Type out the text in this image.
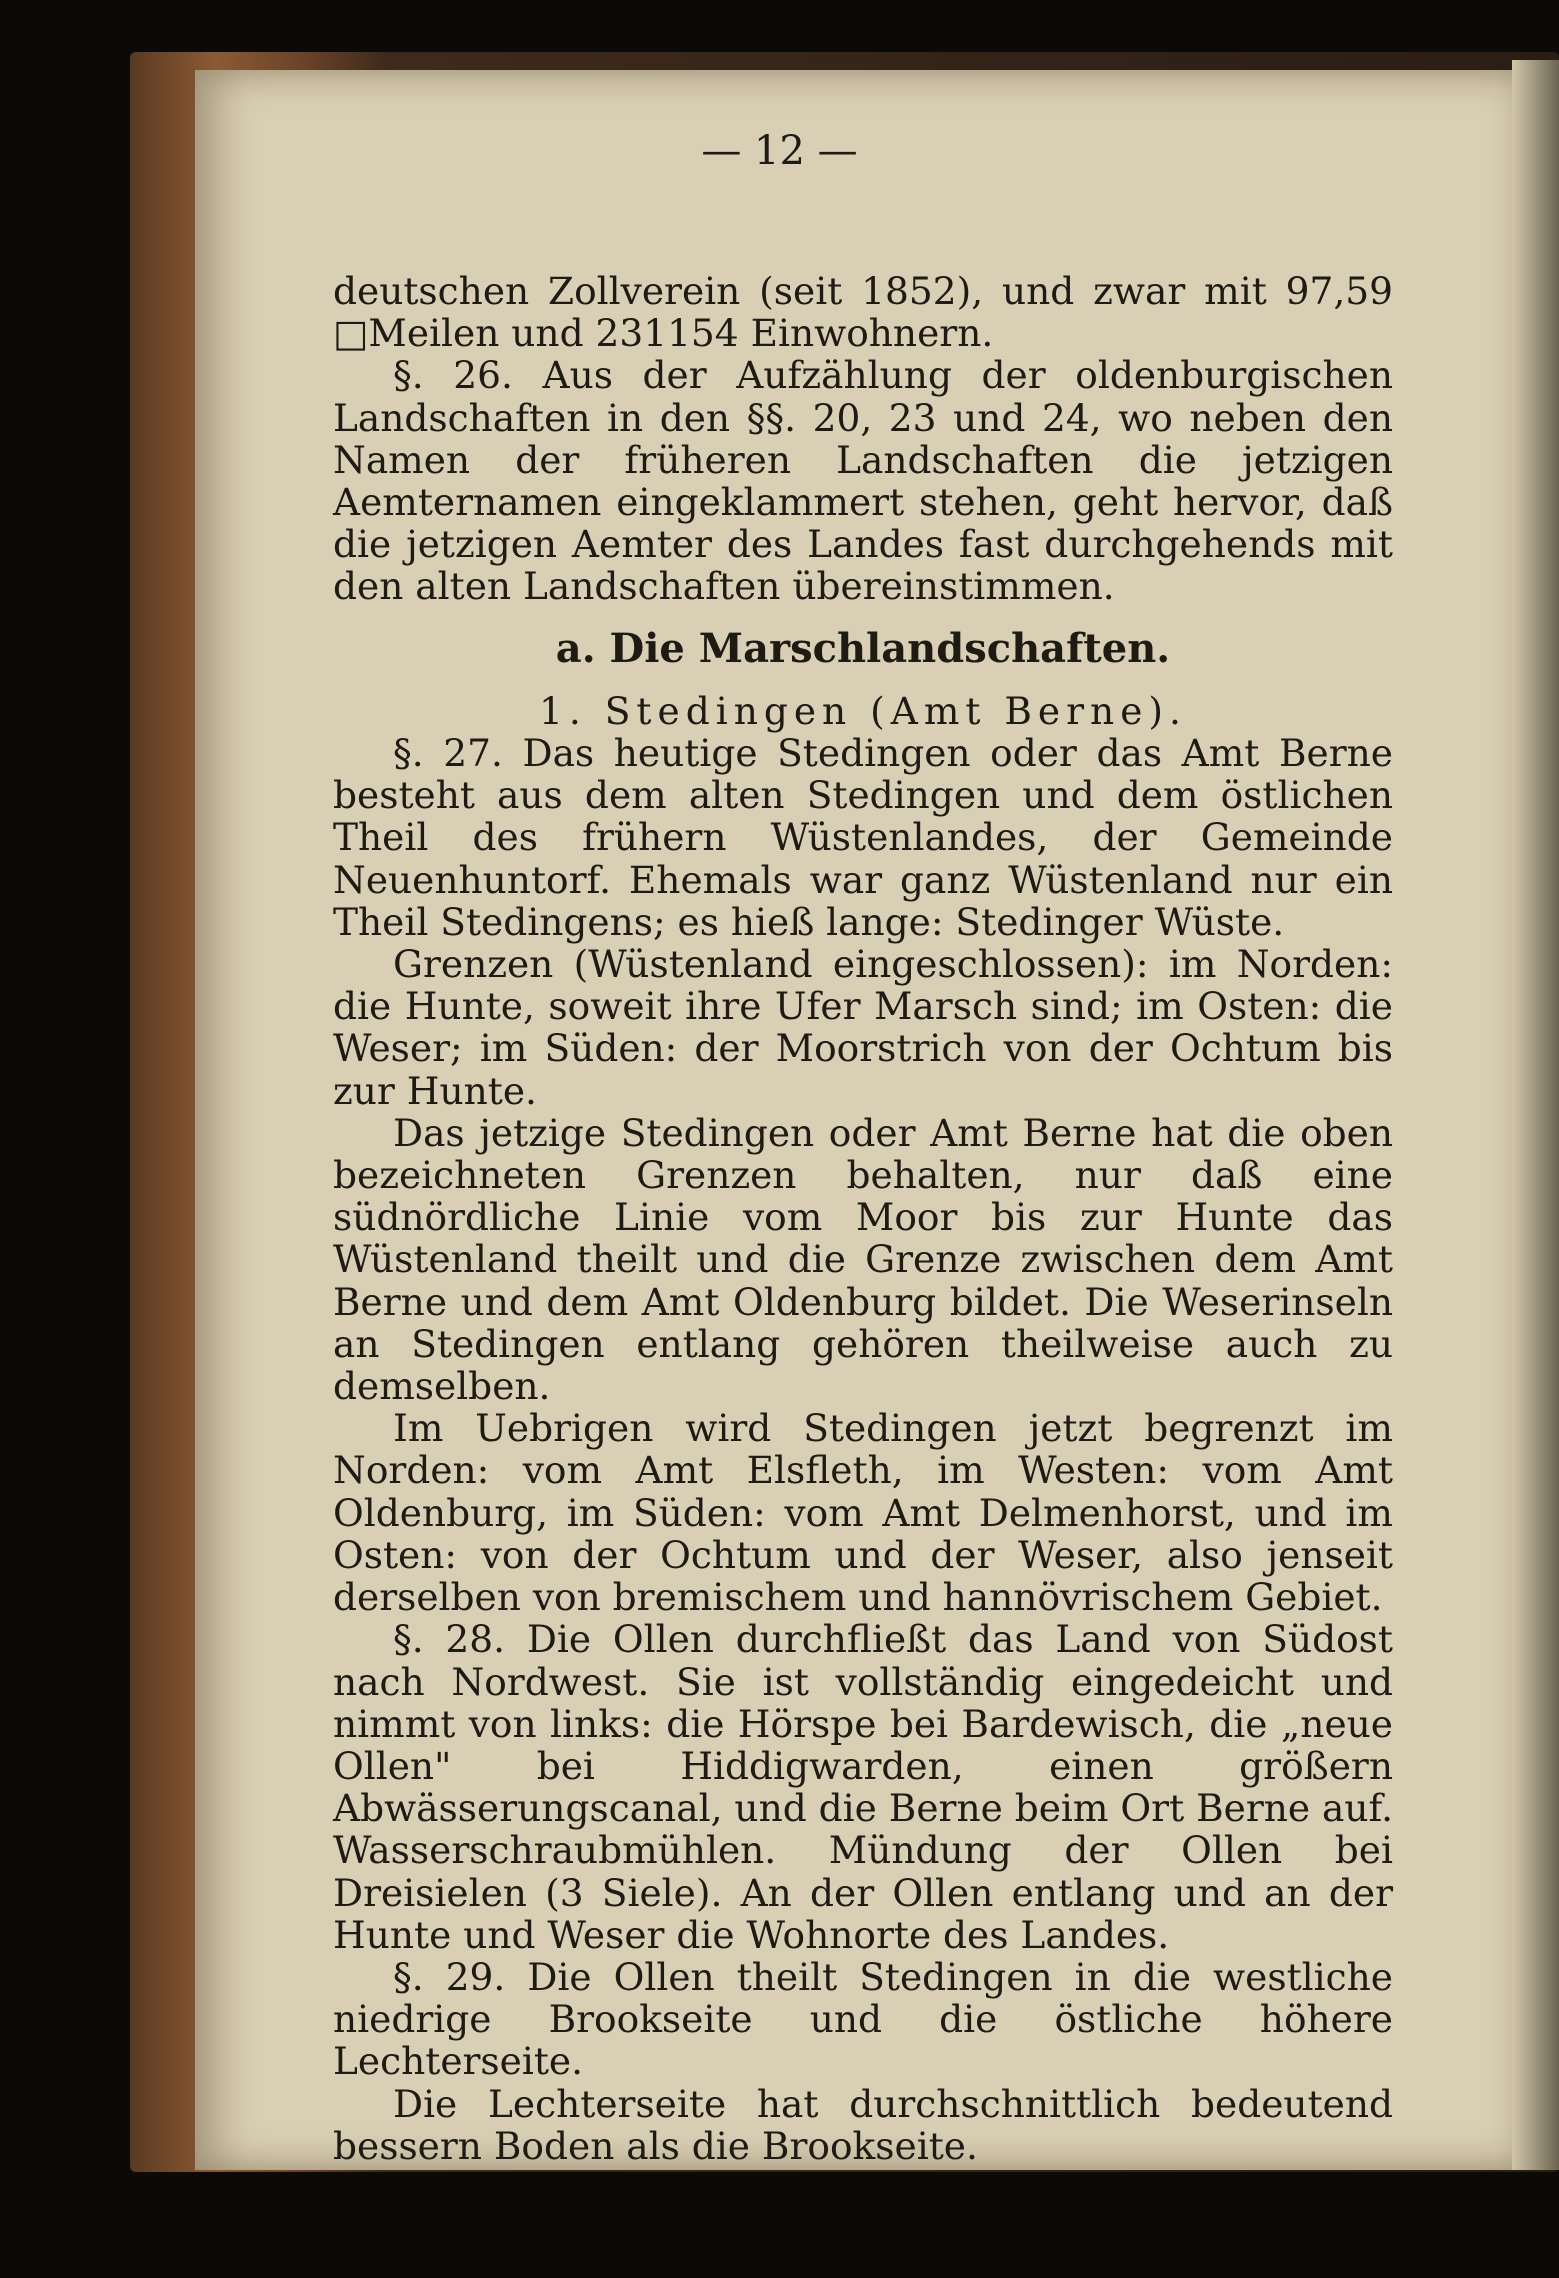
— 12 —

deutschen Zollverein (seit 1852), und zwar mit 97,59 □Meilen und 231154 Einwohnern.

§. 26. Aus der Aufzählung der oldenburgischen Landschaften in den §§. 20, 23 und 24, wo neben den Namen der früheren Landschaften die jetzigen Aemternamen eingeklammert stehen, geht hervor, daß die jetzigen Aemter des Landes fast durchgehends mit den alten Landschaften übereinstimmen.

a. Die Marschlandschaften.

1. Stedingen (Amt Berne).

§. 27. Das heutige Stedingen oder das Amt Berne besteht aus dem alten Stedingen und dem östlichen Theil des frühern Wüstenlandes, der Gemeinde Neuenhuntorf. Ehemals war ganz Wüstenland nur ein Theil Stedingens; es hieß lange: Stedinger Wüste.

Grenzen (Wüstenland eingeschlossen): im Norden: die Hunte, soweit ihre Ufer Marsch sind; im Osten: die Weser; im Süden: der Moorstrich von der Ochtum bis zur Hunte.

Das jetzige Stedingen oder Amt Berne hat die oben bezeichneten Grenzen behalten, nur daß eine südnördliche Linie vom Moor bis zur Hunte das Wüstenland theilt und die Grenze zwischen dem Amt Berne und dem Amt Oldenburg bildet. Die Weserinseln an Stedingen entlang gehören theilweise auch zu demselben.

Im Uebrigen wird Stedingen jetzt begrenzt im Norden: vom Amt Elsfleth, im Westen: vom Amt Oldenburg, im Süden: vom Amt Delmenhorst, und im Osten: von der Ochtum und der Weser, also jenseit derselben von bremischem und hannövrischem Gebiet.

§. 28. Die Ollen durchfließt das Land von Südost nach Nordwest. Sie ist vollständig eingedeicht und nimmt von links: die Hörspe bei Bardewisch, die „neue Ollen" bei Hiddigwarden, einen größern Abwässerungscanal, und die Berne beim Ort Berne auf. Wasserschraubmühlen. Mündung der Ollen bei Dreisielen (3 Siele). An der Ollen entlang und an der Hunte und Weser die Wohnorte des Landes.

§. 29. Die Ollen theilt Stedingen in die westliche niedrige Brookseite und die östliche höhere Lechterseite.

Die Lechterseite hat durchschnittlich bedeutend bessern Boden als die Brookseite.
